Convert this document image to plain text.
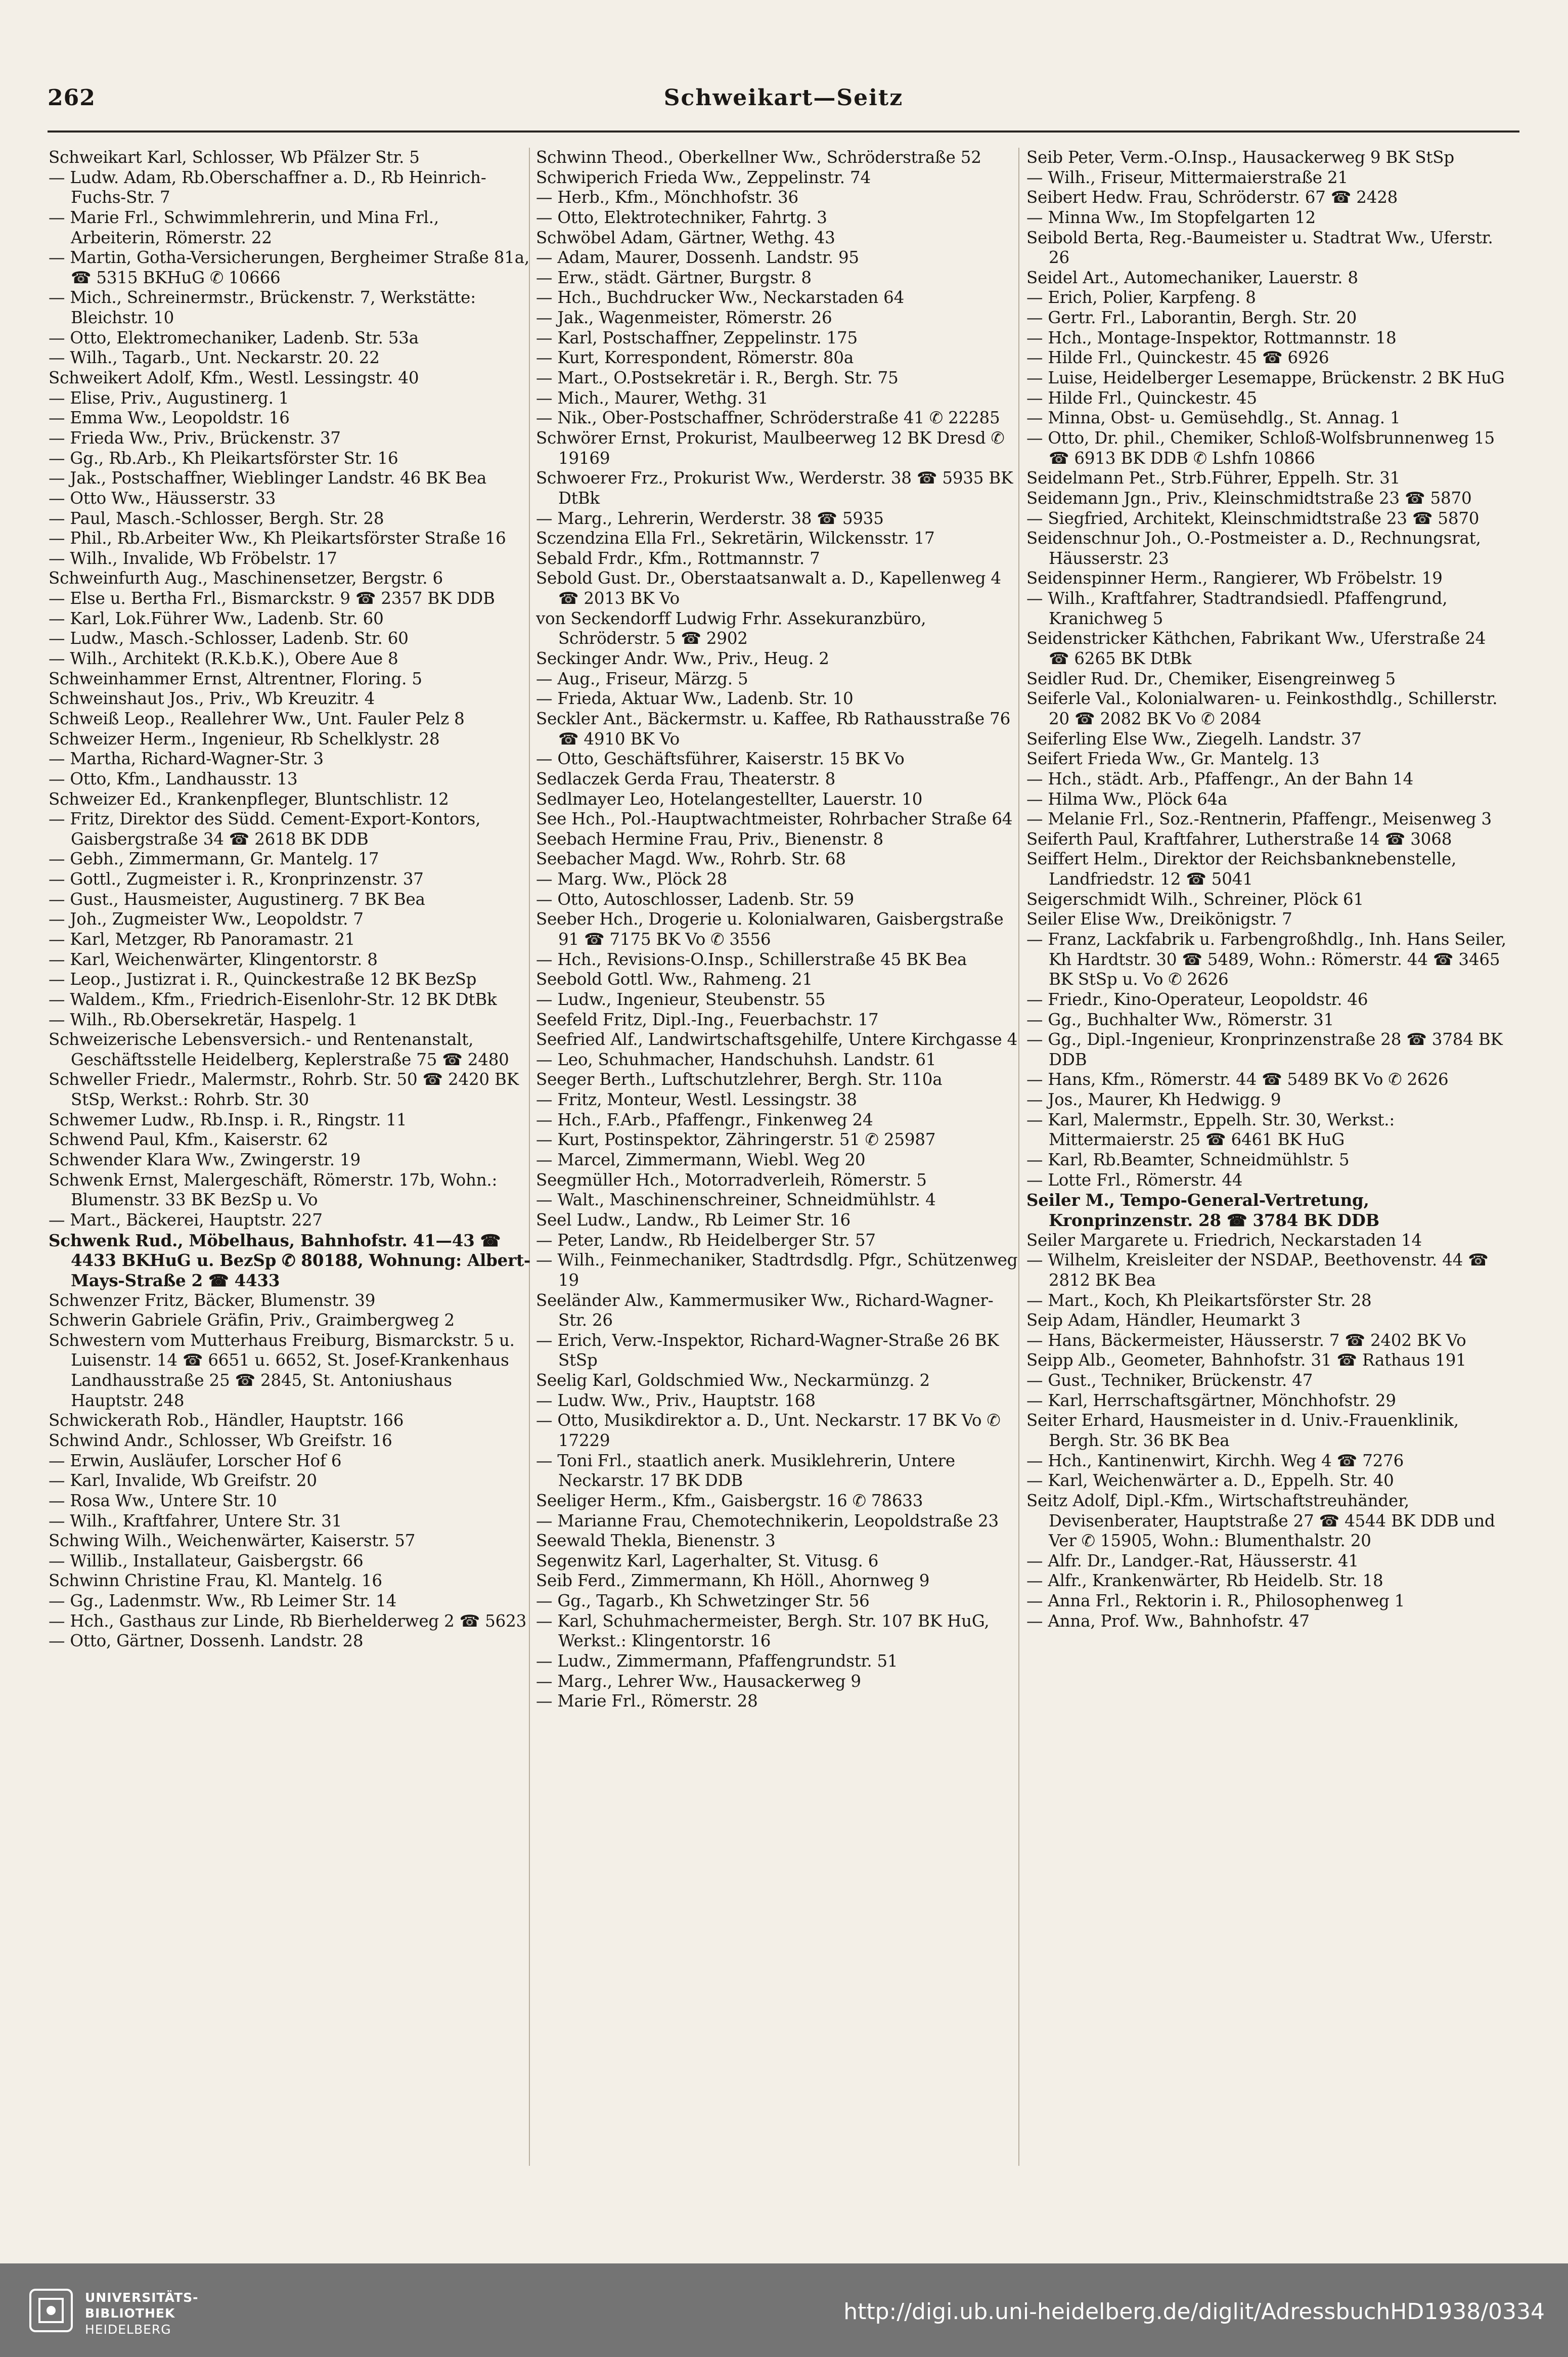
262	Schweikart—Seitz

Schweikart Karl, Schlosser, Wb Pfälzer Str. 5

— Ludw. Adam, Rb.Oberschaffner a. D., Rb Heinrich-Fuchs-Str. 7

— Marie Frl., Schwimmlehrerin, und Mina Frl., Arbeiterin, Römerstr. 22

— Martin, Gotha-Versicherungen, Bergheimer Straße 81a, ☎ 5315 BKHuG ✆ 10666

— Mich., Schreinermstr., Brückenstr. 7, Werkstätte: Bleichstr. 10

— Otto, Elektromechaniker, Ladenb. Str. 53a

— Wilh., Tagarb., Unt. Neckarstr. 20. 22

Schweikert Adolf, Kfm., Westl. Lessingstr. 40

— Elise, Priv., Augustinerg. 1

— Emma Ww., Leopoldstr. 16

— Frieda Ww., Priv., Brückenstr. 37

— Gg., Rb.Arb., Kh Pleikartsförster Str. 16

— Jak., Postschaffner, Wieblinger Landstr. 46 BK Bea

— Otto Ww., Häusserstr. 33

— Paul, Masch.-Schlosser, Bergh. Str. 28

— Phil., Rb.Arbeiter Ww., Kh Pleikartsförster Straße 16

— Wilh., Invalide, Wb Fröbelstr. 17

Schweinfurth Aug., Maschinensetzer, Bergstr. 6

— Else u. Bertha Frl., Bismarckstr. 9 ☎ 2357 BK DDB

— Karl, Lok.Führer Ww., Ladenb. Str. 60

— Ludw., Masch.-Schlosser, Ladenb. Str. 60

— Wilh., Architekt (R.K.b.K.), Obere Aue 8

Schweinhammer Ernst, Altrentner, Floring. 5

Schweinshaut Jos., Priv., Wb Kreuzitr. 4

Schweiß Leop., Reallehrer Ww., Unt. Fauler Pelz 8

Schweizer Herm., Ingenieur, Rb Schelklystr. 28

— Martha, Richard-Wagner-Str. 3

— Otto, Kfm., Landhausstr. 13

Schweizer Ed., Krankenpfleger, Bluntschlistr. 12

— Fritz, Direktor des Südd. Cement-Export-Kontors, Gaisbergstraße 34 ☎ 2618 BK DDB

— Gebh., Zimmermann, Gr. Mantelg. 17

— Gottl., Zugmeister i. R., Kronprinzenstr. 37

— Gust., Hausmeister, Augustinerg. 7 BK Bea

— Joh., Zugmeister Ww., Leopoldstr. 7

— Karl, Metzger, Rb Panoramastr. 21

— Karl, Weichenwärter, Klingentorstr. 8

— Leop., Justizrat i. R., Quinckestraße 12 BK BezSp

— Waldem., Kfm., Friedrich-Eisenlohr-Str. 12 BK DtBk

— Wilh., Rb.Obersekretär, Haspelg. 1

Schweizerische Lebensversich.- und Rentenanstalt, Geschäftsstelle Heidelberg, Keplerstraße 75 ☎ 2480

Schweller Friedr., Malermstr., Rohrb. Str. 50 ☎ 2420 BK StSp, Werkst.: Rohrb. Str. 30

Schwemer Ludw., Rb.Insp. i. R., Ringstr. 11

Schwend Paul, Kfm., Kaiserstr. 62

Schwender Klara Ww., Zwingerstr. 19

Schwenk Ernst, Malergeschäft, Römerstr. 17b, Wohn.: Blumenstr. 33 BK BezSp u. Vo

— Mart., Bäckerei, Hauptstr. 227

Schwenk Rud., Möbelhaus, Bahnhofstr. 41—43 ☎ 4433 BKHuG u. BezSp ✆ 80188, Wohnung: Albert-Mays-Straße 2 ☎ 4433

Schwenzer Fritz, Bäcker, Blumenstr. 39

Schwerin Gabriele Gräfin, Priv., Graimbergweg 2

Schwestern vom Mutterhaus Freiburg, Bismarckstr. 5 u. Luisenstr. 14 ☎ 6651 u. 6652, St. Josef-Krankenhaus Landhausstraße 25 ☎ 2845, St. Antoniushaus Hauptstr. 248

Schwickerath Rob., Händler, Hauptstr. 166

Schwind Andr., Schlosser, Wb Greifstr. 16

— Erwin, Ausläufer, Lorscher Hof 6

— Karl, Invalide, Wb Greifstr. 20

— Rosa Ww., Untere Str. 10

— Wilh., Kraftfahrer, Untere Str. 31

Schwing Wilh., Weichenwärter, Kaiserstr. 57

— Willib., Installateur, Gaisbergstr. 66

Schwinn Christine Frau, Kl. Mantelg. 16

— Gg., Ladenmstr. Ww., Rb Leimer Str. 14

— Hch., Gasthaus zur Linde, Rb Bierhelderweg 2 ☎ 5623

— Otto, Gärtner, Dossenh. Landstr. 28

Schwinn Theod., Oberkellner Ww., Schröderstraße 52

Schwiperich Frieda Ww., Zeppelinstr. 74

— Herb., Kfm., Mönchhofstr. 36

— Otto, Elektrotechniker, Fahrtg. 3

Schwöbel Adam, Gärtner, Wethg. 43

— Adam, Maurer, Dossenh. Landstr. 95

— Erw., städt. Gärtner, Burgstr. 8

— Hch., Buchdrucker Ww., Neckarstaden 64

— Jak., Wagenmeister, Römerstr. 26

— Karl, Postschaffner, Zeppelinstr. 175

— Kurt, Korrespondent, Römerstr. 80a

— Mart., O.Postsekretär i. R., Bergh. Str. 75

— Mich., Maurer, Wethg. 31

— Nik., Ober-Postschaffner, Schröderstraße 41 ✆ 22285

Schwörer Ernst, Prokurist, Maulbeerweg 12 BK Dresd ✆ 19169

Schwoerer Frz., Prokurist Ww., Werderstr. 38 ☎ 5935 BK DtBk

— Marg., Lehrerin, Werderstr. 38 ☎ 5935

Sczendzina Ella Frl., Sekretärin, Wilckensstr. 17

Sebald Frdr., Kfm., Rottmannstr. 7

Sebold Gust. Dr., Oberstaatsanwalt a. D., Kapellenweg 4 ☎ 2013 BK Vo

von Seckendorff Ludwig Frhr. Assekuranzbüro, Schröderstr. 5 ☎ 2902

Seckinger Andr. Ww., Priv., Heug. 2

— Aug., Friseur, Märzg. 5

— Frieda, Aktuar Ww., Ladenb. Str. 10

Seckler Ant., Bäckermstr. u. Kaffee, Rb Rathausstraße 76 ☎ 4910 BK Vo

— Otto, Geschäftsführer, Kaiserstr. 15 BK Vo

Sedlaczek Gerda Frau, Theaterstr. 8

Sedlmayer Leo, Hotelangestellter, Lauerstr. 10

See Hch., Pol.-Hauptwachtmeister, Rohrbacher Straße 64

Seebach Hermine Frau, Priv., Bienenstr. 8

Seebacher Magd. Ww., Rohrb. Str. 68

— Marg. Ww., Plöck 28

— Otto, Autoschlosser, Ladenb. Str. 59

Seeber Hch., Drogerie u. Kolonialwaren, Gaisbergstraße 91 ☎ 7175 BK Vo ✆ 3556

— Hch., Revisions-O.Insp., Schillerstraße 45 BK Bea

Seebold Gottl. Ww., Rahmeng. 21

— Ludw., Ingenieur, Steubenstr. 55

Seefeld Fritz, Dipl.-Ing., Feuerbachstr. 17

Seefried Alf., Landwirtschaftsgehilfe, Untere Kirchgasse 4

— Leo, Schuhmacher, Handschuhsh. Landstr. 61

Seeger Berth., Luftschutzlehrer, Bergh. Str. 110a

— Fritz, Monteur, Westl. Lessingstr. 38

— Hch., F.Arb., Pfaffengr., Finkenweg 24

— Kurt, Postinspektor, Zähringerstr. 51 ✆ 25987

— Marcel, Zimmermann, Wiebl. Weg 20

Seegmüller Hch., Motorradverleih, Römerstr. 5

— Walt., Maschinenschreiner, Schneidmühlstr. 4

Seel Ludw., Landw., Rb Leimer Str. 16

— Peter, Landw., Rb Heidelberger Str. 57

— Wilh., Feinmechaniker, Stadtrdsdlg. Pfgr., Schützenweg 19

Seeländer Alw., Kammermusiker Ww., Richard-Wagner-Str. 26

— Erich, Verw.-Inspektor, Richard-Wagner-Straße 26 BK StSp

Seelig Karl, Goldschmied Ww., Neckarmünzg. 2

— Ludw. Ww., Priv., Hauptstr. 168

— Otto, Musikdirektor a. D., Unt. Neckarstr. 17 BK Vo ✆ 17229

— Toni Frl., staatlich anerk. Musiklehrerin, Untere Neckarstr. 17 BK DDB

Seeliger Herm., Kfm., Gaisbergstr. 16 ✆ 78633

— Marianne Frau, Chemotechnikerin, Leopoldstraße 23

Seewald Thekla, Bienenstr. 3

Segenwitz Karl, Lagerhalter, St. Vitusg. 6

Seib Ferd., Zimmermann, Kh Höll., Ahornweg 9

— Gg., Tagarb., Kh Schwetzinger Str. 56

— Karl, Schuhmachermeister, Bergh. Str. 107 BK HuG, Werkst.: Klingentorstr. 16

— Ludw., Zimmermann, Pfaffengrundstr. 51

— Marg., Lehrer Ww., Hausackerweg 9

— Marie Frl., Römerstr. 28

Seib Peter, Verm.-O.Insp., Hausackerweg 9 BK StSp

— Wilh., Friseur, Mittermaierstraße 21

Seibert Hedw. Frau, Schröderstr. 67 ☎ 2428

— Minna Ww., Im Stopfelgarten 12

Seibold Berta, Reg.-Baumeister u. Stadtrat Ww., Uferstr. 26

Seidel Art., Automechaniker, Lauerstr. 8

— Erich, Polier, Karpfeng. 8

— Gertr. Frl., Laborantin, Bergh. Str. 20

— Hch., Montage-Inspektor, Rottmannstr. 18

— Hilde Frl., Quinckestr. 45 ☎ 6926

— Luise, Heidelberger Lesemappe, Brückenstr. 2 BK HuG

— Hilde Frl., Quinckestr. 45

— Minna, Obst- u. Gemüsehdlg., St. Annag. 1

— Otto, Dr. phil., Chemiker, Schloß-Wolfsbrunnenweg 15 ☎ 6913 BK DDB ✆ Lshfn 10866

Seidelmann Pet., Strb.Führer, Eppelh. Str. 31

Seidemann Jgn., Priv., Kleinschmidtstraße 23 ☎ 5870

— Siegfried, Architekt, Kleinschmidtstraße 23 ☎ 5870

Seidenschnur Joh., O.-Postmeister a. D., Rechnungsrat, Häusserstr. 23

Seidenspinner Herm., Rangierer, Wb Fröbelstr. 19

— Wilh., Kraftfahrer, Stadtrandsiedl. Pfaffengrund, Kranichweg 5

Seidenstricker Käthchen, Fabrikant Ww., Uferstraße 24 ☎ 6265 BK DtBk

Seidler Rud. Dr., Chemiker, Eisengreinweg 5

Seiferle Val., Kolonialwaren- u. Feinkosthdlg., Schillerstr. 20 ☎ 2082 BK Vo ✆ 2084

Seiferling Else Ww., Ziegelh. Landstr. 37

Seifert Frieda Ww., Gr. Mantelg. 13

— Hch., städt. Arb., Pfaffengr., An der Bahn 14

— Hilma Ww., Plöck 64a

— Melanie Frl., Soz.-Rentnerin, Pfaffengr., Meisenweg 3

Seiferth Paul, Kraftfahrer, Lutherstraße 14 ☎ 3068

Seiffert Helm., Direktor der Reichsbanknebenstelle, Landfriedstr. 12 ☎ 5041

Seigerschmidt Wilh., Schreiner, Plöck 61

Seiler Elise Ww., Dreikönigstr. 7

— Franz, Lackfabrik u. Farbengroßhdlg., Inh. Hans Seiler, Kh Hardtstr. 30 ☎ 5489, Wohn.: Römerstr. 44 ☎ 3465 BK StSp u. Vo ✆ 2626

— Friedr., Kino-Operateur, Leopoldstr. 46

— Gg., Buchhalter Ww., Römerstr. 31

— Gg., Dipl.-Ingenieur, Kronprinzenstraße 28 ☎ 3784 BK DDB

— Hans, Kfm., Römerstr. 44 ☎ 5489 BK Vo ✆ 2626

— Jos., Maurer, Kh Hedwigg. 9

— Karl, Malermstr., Eppelh. Str. 30, Werkst.: Mittermaierstr. 25 ☎ 6461 BK HuG

— Karl, Rb.Beamter, Schneidmühlstr. 5

— Lotte Frl., Römerstr. 44

Seiler M., Tempo-General-Vertretung, Kronprinzenstr. 28 ☎ 3784 BK DDB

Seiler Margarete u. Friedrich, Neckarstaden 14

— Wilhelm, Kreisleiter der NSDAP., Beethovenstr. 44 ☎ 2812 BK Bea

— Mart., Koch, Kh Pleikartsförster Str. 28

Seip Adam, Händler, Heumarkt 3

— Hans, Bäckermeister, Häusserstr. 7 ☎ 2402 BK Vo

Seipp Alb., Geometer, Bahnhofstr. 31 ☎ Rathaus 191

— Gust., Techniker, Brückenstr. 47

— Karl, Herrschaftsgärtner, Mönchhofstr. 29

Seiter Erhard, Hausmeister in d. Univ.-Frauenklinik, Bergh. Str. 36 BK Bea

— Hch., Kantinenwirt, Kirchh. Weg 4 ☎ 7276

— Karl, Weichenwärter a. D., Eppelh. Str. 40

Seitz Adolf, Dipl.-Kfm., Wirtschaftstreuhänder, Devisenberater, Hauptstraße 27 ☎ 4544 BK DDB und Ver ✆ 15905, Wohn.: Blumenthalstr. 20

— Alfr. Dr., Landger.-Rat, Häusserstr. 41

— Alfr., Krankenwärter, Rb Heidelb. Str. 18

— Anna Frl., Rektorin i. R., Philosophenweg 1

— Anna, Prof. Ww., Bahnhofstr. 47

UNIVERSITÄTS-
BIBLIOTHEK
HEIDELBERG
http://digi.ub.uni-heidelberg.de/diglit/AdressbuchHD1938/0334
